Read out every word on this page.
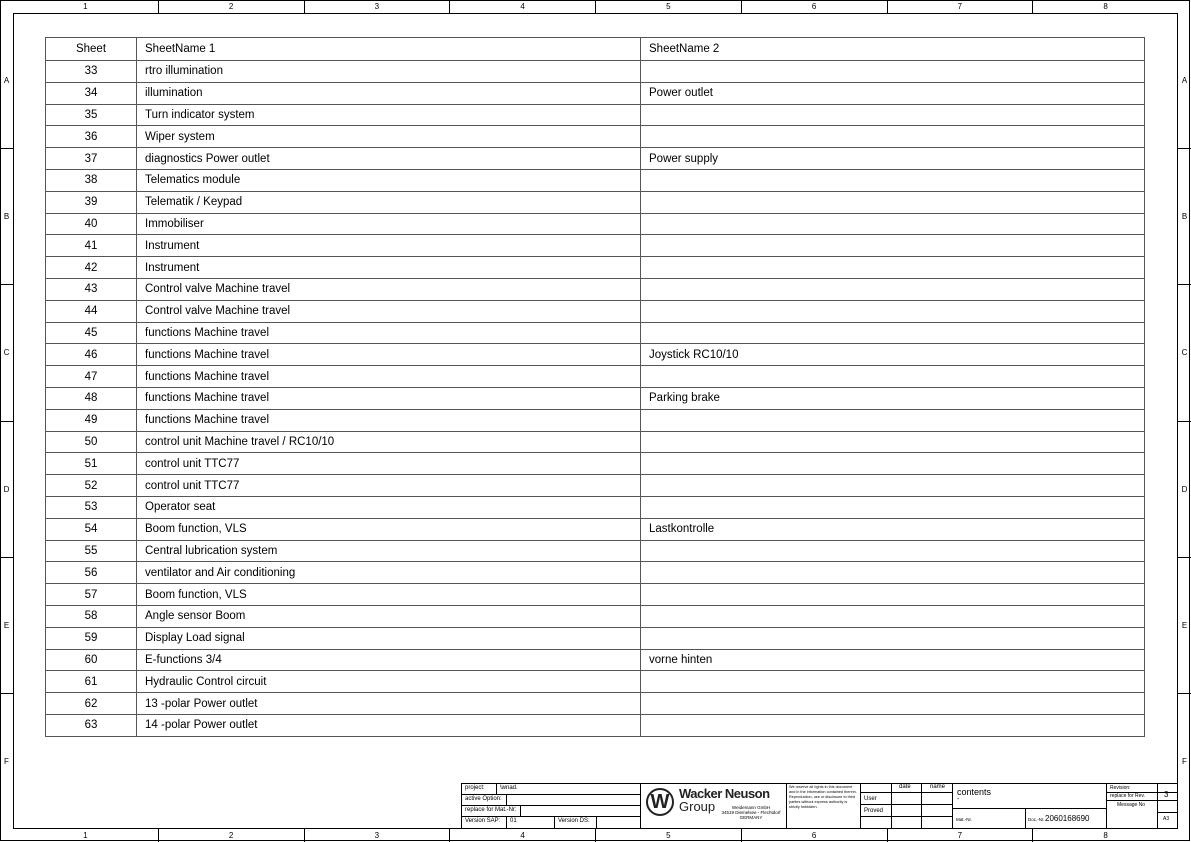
1	2	3	4	5	6	7	8
1	2	3	4	5	6	7	8
A
B
C
D
E
F
A
B
C
D
E
F
Sheet	SheetName 1	SheetName 2
33	rtro illumination	
34	illumination	Power outlet
35	Turn indicator system	
36	Wiper system	
37	diagnostics Power outlet	Power supply
38	Telematics module	
39	Telematik / Keypad	
40	Immobiliser	
41	Instrument	
42	Instrument	
43	Control valve Machine travel	
44	Control valve Machine travel	
45	functions Machine travel	
46	functions Machine travel	Joystick RC10/10
47	functions Machine travel	
48	functions Machine travel	Parking brake
49	functions Machine travel	
50	control unit Machine travel / RC10/10	
51	control unit TTC77	
52	control unit TTC77	
53	Operator seat	
54	Boom function, VLS	Lastkontrolle
55	Central lubrication system	
56	ventilator and Air conditioning	
57	Boom function, VLS	
58	Angle sensor Boom	
59	Display Load signal	
60	E-functions 3/4	vorne hinten
61	Hydraulic Control circuit	
62	13 -polar Power outlet	
63	14 -polar Power outlet	
project:	\wnad.
active Option:
replace for Mat.-Nr:
Version SAP: 01	Version DS:
W Wacker Neuson
Group	Weidemann GmbH
34519 Diemelsee - Flechtdorf
GERMANY
We reserve all rights in this document and in the information contained therein. Reproduction, use or disclosure to third parties without express authority is strictly forbidden.
date	name
User
Proved
contents
-
Mat.-Nr.	Doc.-Nr. 2060168690
Revision:
replace for Rev. 3
Message No
A3
